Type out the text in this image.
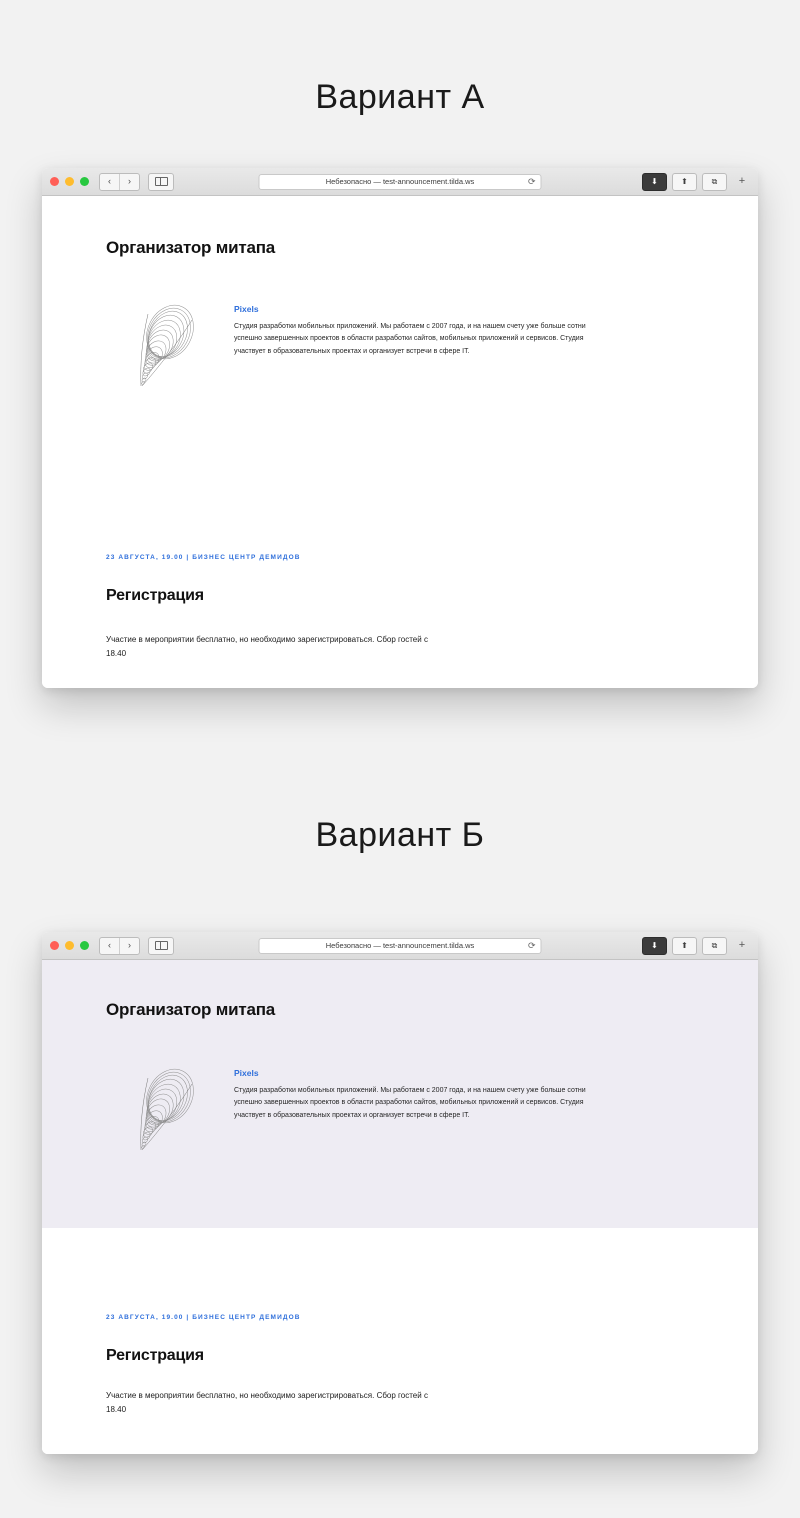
Вариант А
‹	›	Небезопасно — test-announcement.tilda.ws	⟳	⬇	⬆	⧉	+
Организатор митапа

Pixels

Студия разработки мобильных приложений. Мы работаем с 2007 года, и на нашем счету уже больше сотни успешно завершенных проектов в области разработки сайтов, мобильных приложений и сервисов. Студия участвует в образовательных проектах и организует встречи в сфере IT.

23 АВГУСТА, 19.00 | БИЗНЕС ЦЕНТР ДЕМИДОВ

Регистрация

Участие в мероприятии бесплатно, но необходимо зарегистрироваться. Сбор гостей с 18.40

Вариант Б
‹	›	Небезопасно — test-announcement.tilda.ws	⟳	⬇	⬆	⧉	+
Организатор митапа

Pixels

Студия разработки мобильных приложений. Мы работаем с 2007 года, и на нашем счету уже больше сотни успешно завершенных проектов в области разработки сайтов, мобильных приложений и сервисов. Студия участвует в образовательных проектах и организует встречи в сфере IT.

23 АВГУСТА, 19.00 | БИЗНЕС ЦЕНТР ДЕМИДОВ

Регистрация

Участие в мероприятии бесплатно, но необходимо зарегистрироваться. Сбор гостей с 18.40
